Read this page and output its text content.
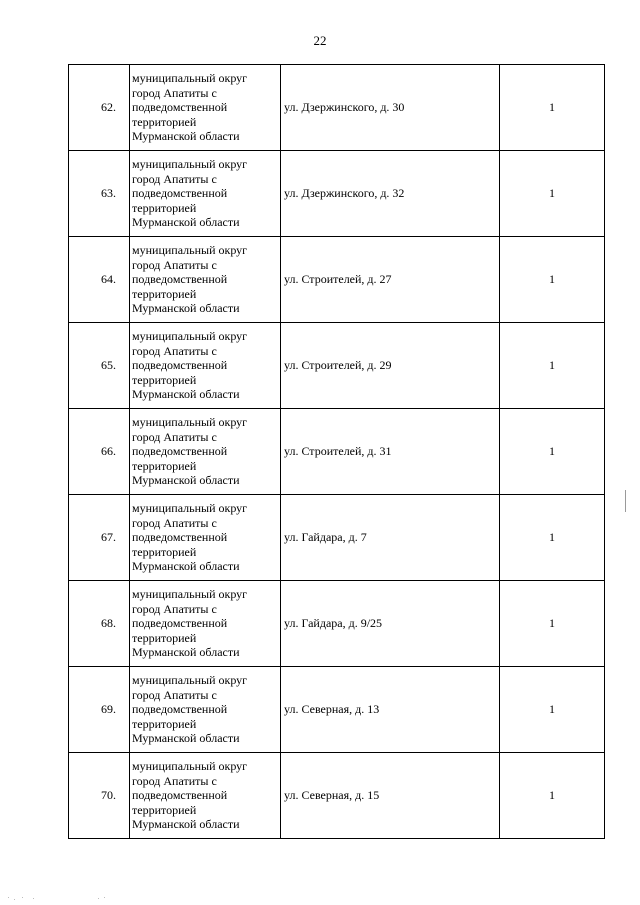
22
62.	муниципальный округ
город Апатиты с
подведомственной
территорией
Мурманской области	ул. Дзержинского, д. 30	1
63.	муниципальный округ
город Апатиты с
подведомственной
территорией
Мурманской области	ул. Дзержинского, д. 32	1
64.	муниципальный округ
город Апатиты с
подведомственной
территорией
Мурманской области	ул. Строителей, д. 27	1
65.	муниципальный округ
город Апатиты с
подведомственной
территорией
Мурманской области	ул. Строителей, д. 29	1
66.	муниципальный округ
город Апатиты с
подведомственной
территорией
Мурманской области	ул. Строителей, д. 31	1
67.	муниципальный округ
город Апатиты с
подведомственной
территорией
Мурманской области	ул. Гайдара, д. 7	1
68.	муниципальный округ
город Апатиты с
подведомственной
территорией
Мурманской области	ул. Гайдара, д. 9/25	1
69.	муниципальный округ
город Апатиты с
подведомственной
территорией
Мурманской области	ул. Северная, д. 13	1
70.	муниципальный округ
город Апатиты с
подведомственной
территорией
Мурманской области	ул. Северная, д. 15	1
